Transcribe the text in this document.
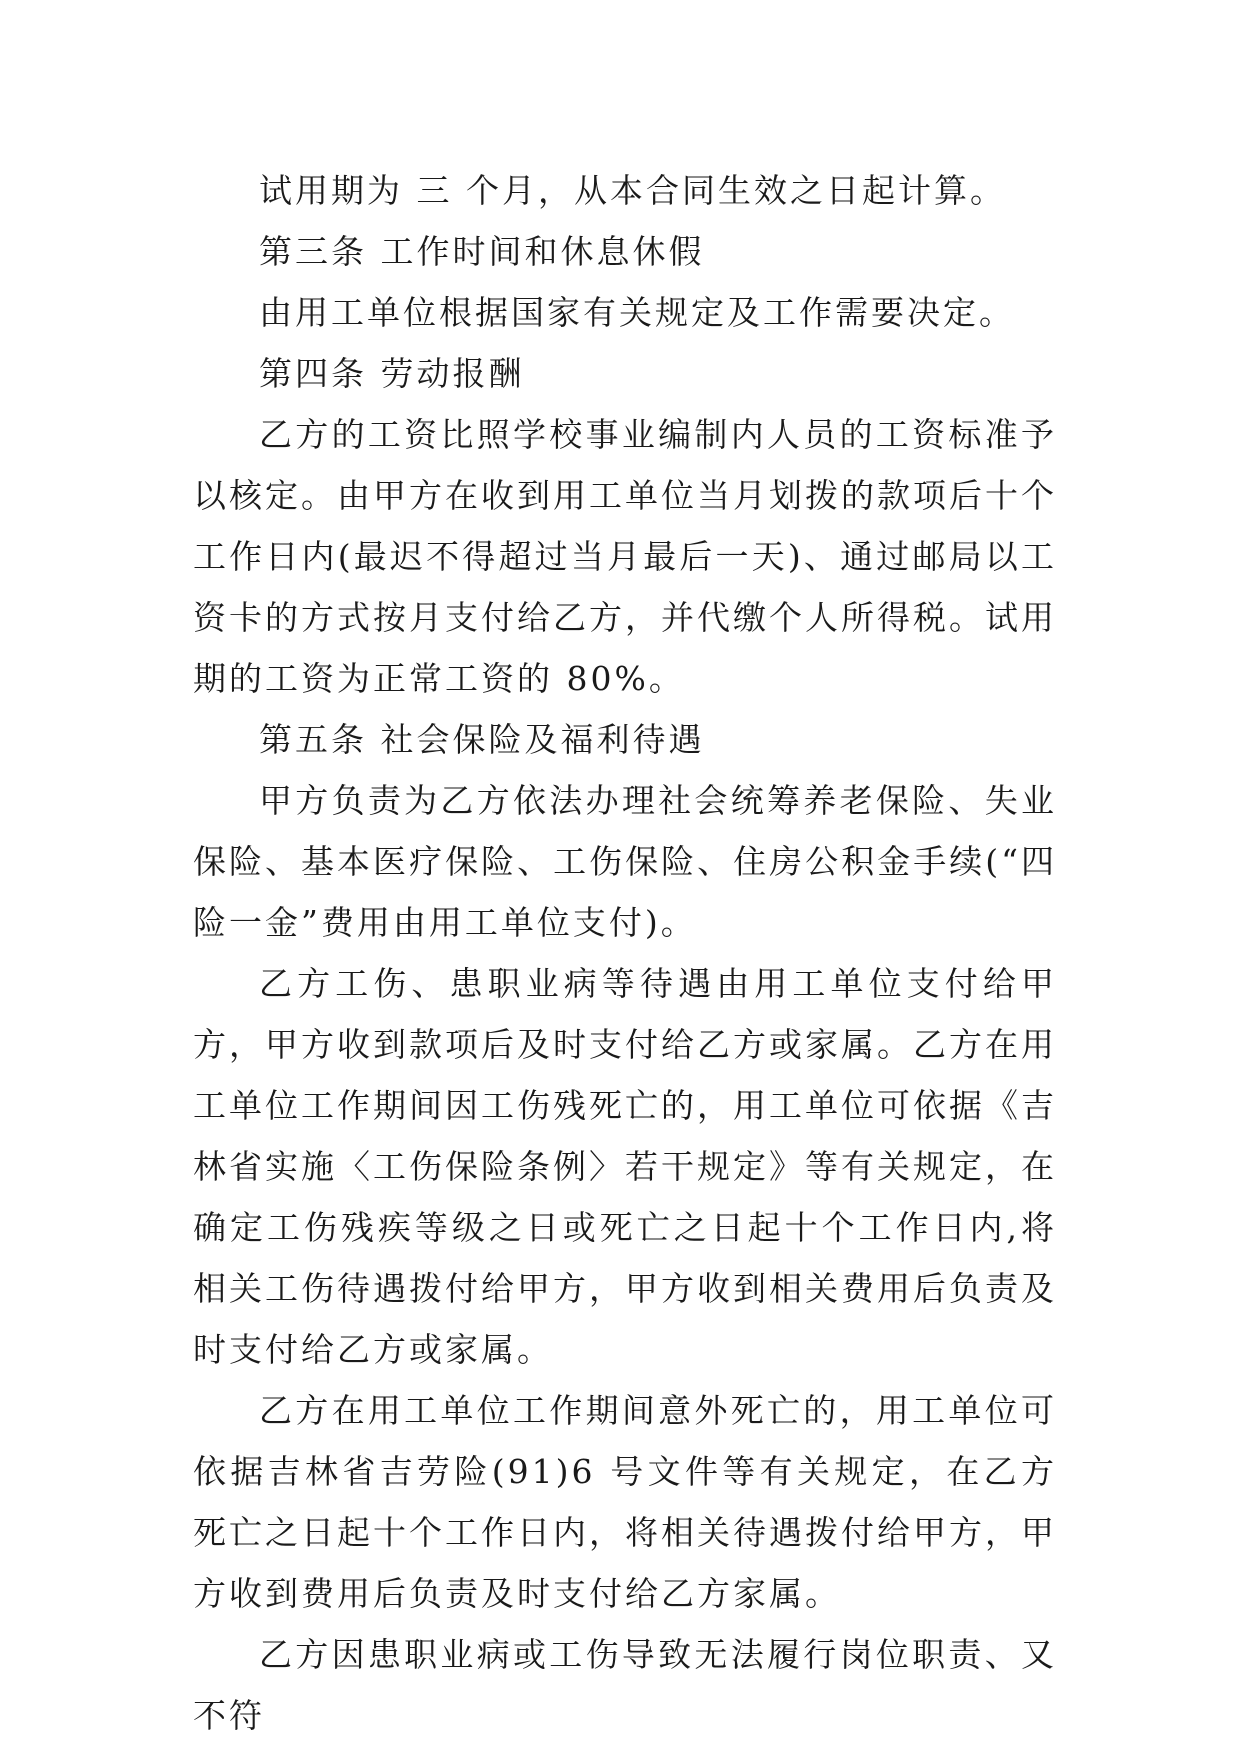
试用期为 三 个月，从本合同生效之日起计算。

第三条 工作时间和休息休假

由用工单位根据国家有关规定及工作需要决定。

第四条 劳动报酬

乙方的工资比照学校事业编制内人员的工资标准予以核定。由甲方在收到用工单位当月划拨的款项后十个工作日内(最迟不得超过当月最后一天)、通过邮局以工资卡的方式按月支付给乙方，并代缴个人所得税。试用期的工资为正常工资的 80%。

第五条 社会保险及福利待遇

甲方负责为乙方依法办理社会统筹养老保险、失业保险、基本医疗保险、工伤保险、住房公积金手续(“四险一金”费用由用工单位支付)。

乙方工伤、患职业病等待遇由用工单位支付给甲方，甲方收到款项后及时支付给乙方或家属。乙方在用工单位工作期间因工伤残死亡的，用工单位可依据《吉林省实施〈工伤保险条例〉若干规定》等有关规定，在确定工伤残疾等级之日或死亡之日起十个工作日内,将相关工伤待遇拨付给甲方，甲方收到相关费用后负责及时支付给乙方或家属。

乙方在用工单位工作期间意外死亡的，用工单位可依据吉林省吉劳险(91)6 号文件等有关规定，在乙方死亡之日起十个工作日内，将相关待遇拨付给甲方，甲方收到费用后负责及时支付给乙方家属。

乙方因患职业病或工伤导致无法履行岗位职责、又不符
